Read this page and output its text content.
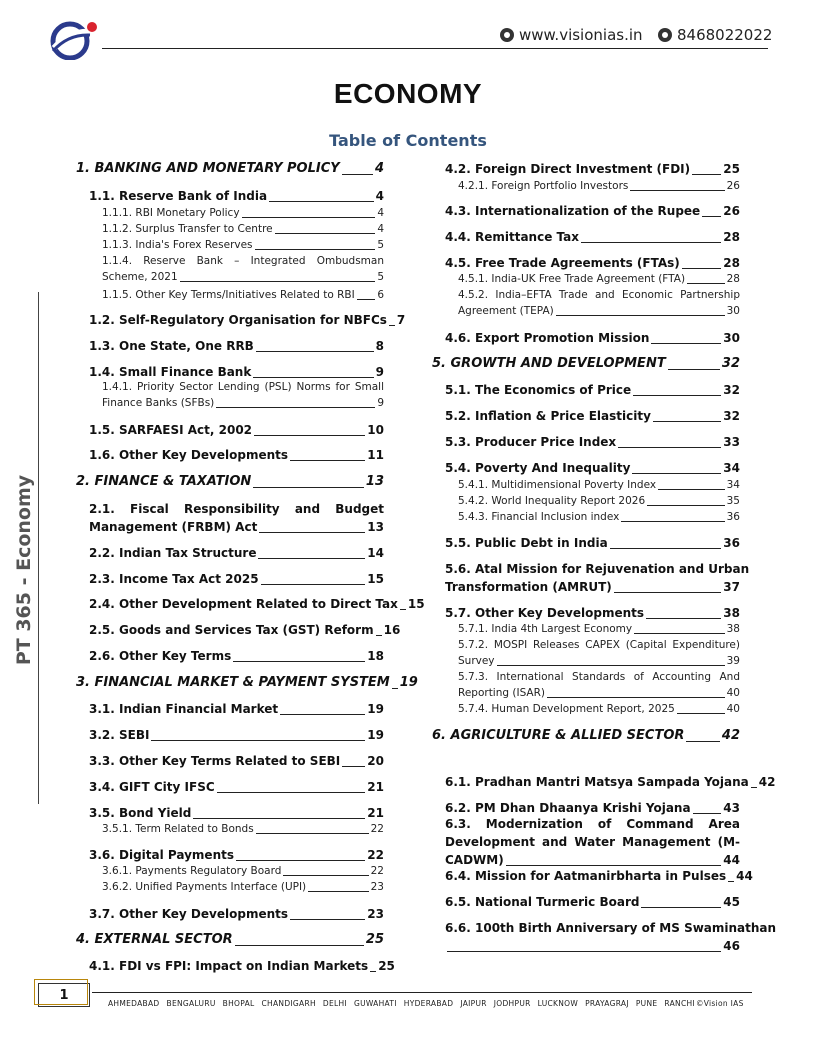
www.visionias.in 8468022022
PT 365 - Economy
ECONOMY
Table of Contents
1. BANKING AND MONETARY POLICY	4
1.1. Reserve Bank of India	4
1.1.1. RBI Monetary Policy	4
1.1.2. Surplus Transfer to Centre	4
1.1.3. India's Forex Reserves	5
1.1.4. Reserve Bank – Integrated Ombudsman
Scheme, 2021	5
1.1.5. Other Key Terms/Initiatives Related to RBI 6
1.2. Self-Regulatory Organisation for NBFCs 7
1.3. One State, One RRB	8
1.4. Small Finance Bank	9
1.4.1. Priority Sector Lending (PSL) Norms for Small
Finance Banks (SFBs)	9
1.5. SARFAESI Act, 2002	10
1.6. Other Key Developments	11
2. FINANCE & TAXATION	13
2.1. Fiscal Responsibility and Budget
Management (FRBM) Act	13
2.2. Indian Tax Structure	14
2.3. Income Tax Act 2025	15
2.4. Other Development Related to Direct Tax 15
2.5. Goods and Services Tax (GST) Reform 16
2.6. Other Key Terms	18
3. FINANCIAL MARKET & PAYMENT SYSTEM 19
3.1. Indian Financial Market	19
3.2. SEBI	19
3.3. Other Key Terms Related to SEBI 20
3.4. GIFT City IFSC	21
3.5. Bond Yield	21
3.5.1. Term Related to Bonds	22
3.6. Digital Payments	22
3.6.1. Payments Regulatory Board	22
3.6.2. Unified Payments Interface (UPI)	23
3.7. Other Key Developments	23
4. EXTERNAL SECTOR	25
4.1. FDI vs FPI: Impact on Indian Markets 25
4.2. Foreign Direct Investment (FDI)	25
4.2.1. Foreign Portfolio Investors	26
4.3. Internationalization of the Rupee 26
4.4. Remittance Tax	28
4.5. Free Trade Agreements (FTAs)	28
4.5.1. India-UK Free Trade Agreement (FTA)	28
4.5.2. India–EFTA Trade and Economic Partnership
Agreement (TEPA)	30
4.6. Export Promotion Mission	30
5. GROWTH AND DEVELOPMENT	32
5.1. The Economics of Price	32
5.2. Inflation & Price Elasticity	32
5.3. Producer Price Index	33
5.4. Poverty And Inequality	34
5.4.1. Multidimensional Poverty Index	34
5.4.2. World Inequality Report 2026	35
5.4.3. Financial Inclusion index	36
5.5. Public Debt in India	36
5.6. Atal Mission for Rejuvenation and Urban
Transformation (AMRUT)	37
5.7. Other Key Developments	38
5.7.1. India 4th Largest Economy	38
5.7.2. MOSPI Releases CAPEX (Capital Expenditure)
Survey	39
5.7.3. International Standards of Accounting And
Reporting (ISAR)	40
5.7.4. Human Development Report, 2025	40
6. AGRICULTURE & ALLIED SECTOR	42
6.1. Pradhan Mantri Matsya Sampada Yojana 42
6.2. PM Dhan Dhaanya Krishi Yojana	43
6.3. Modernization of Command Area
Development and Water Management (M-
CADWM)	44
6.4. Mission for Aatmanirbharta in Pulses 44
6.5. National Turmeric Board	45
6.6. 100th Birth Anniversary of MS Swaminathan
46
1
AHMEDABAD BENGALURU BHOPAL CHANDIGARH DELHI GUWAHATI HYDERABAD JAIPUR JODHPUR LUCKNOW PRAYAGRAJ PUNE RANCHI ©Vision IAS
